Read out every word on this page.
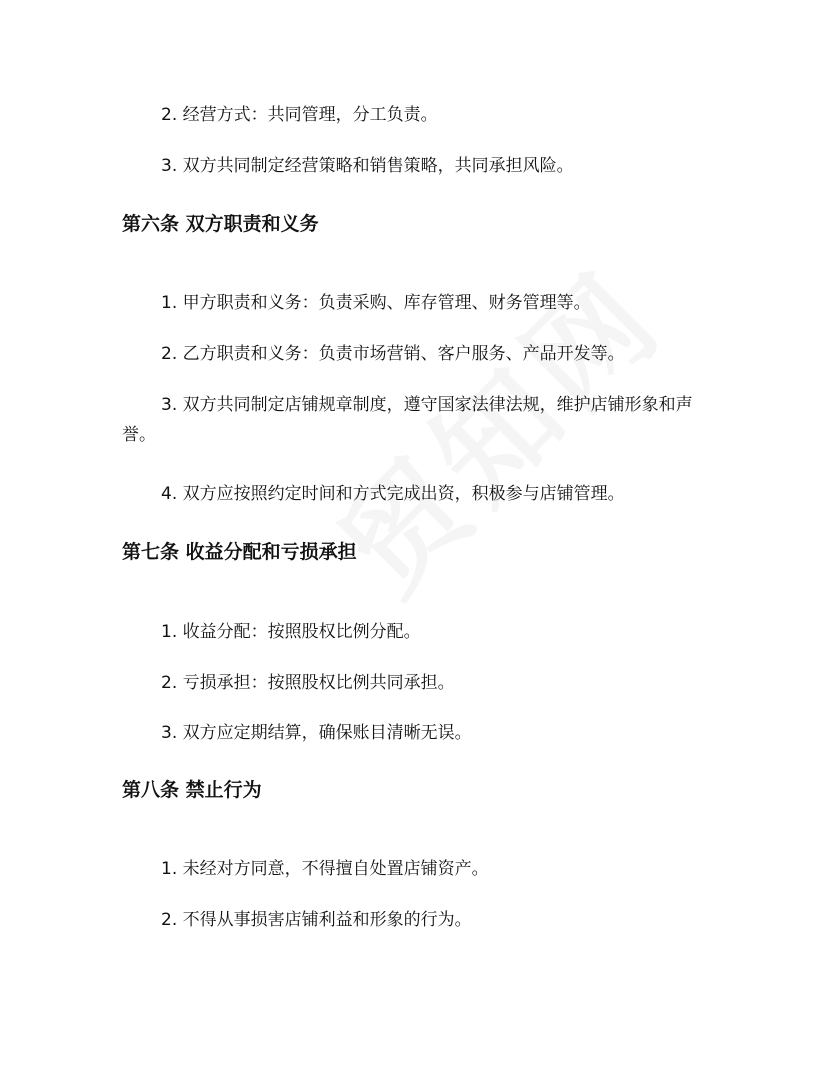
2. 经营方式：共同管理，分工负责。

3. 双方共同制定经营策略和销售策略，共同承担风险。

第六条 双方职责和义务

1. 甲方职责和义务：负责采购、库存管理、财务管理等。

2. 乙方职责和义务：负责市场营销、客户服务、产品开发等。

3. 双方共同制定店铺规章制度，遵守国家法律法规，维护店铺形象和声誉。

4. 双方应按照约定时间和方式完成出资，积极参与店铺管理。

第七条 收益分配和亏损承担

1. 收益分配：按照股权比例分配。

2. 亏损承担：按照股权比例共同承担。

3. 双方应定期结算，确保账目清晰无误。

第八条 禁止行为

1. 未经对方同意，不得擅自处置店铺资产。

2. 不得从事损害店铺利益和形象的行为。
